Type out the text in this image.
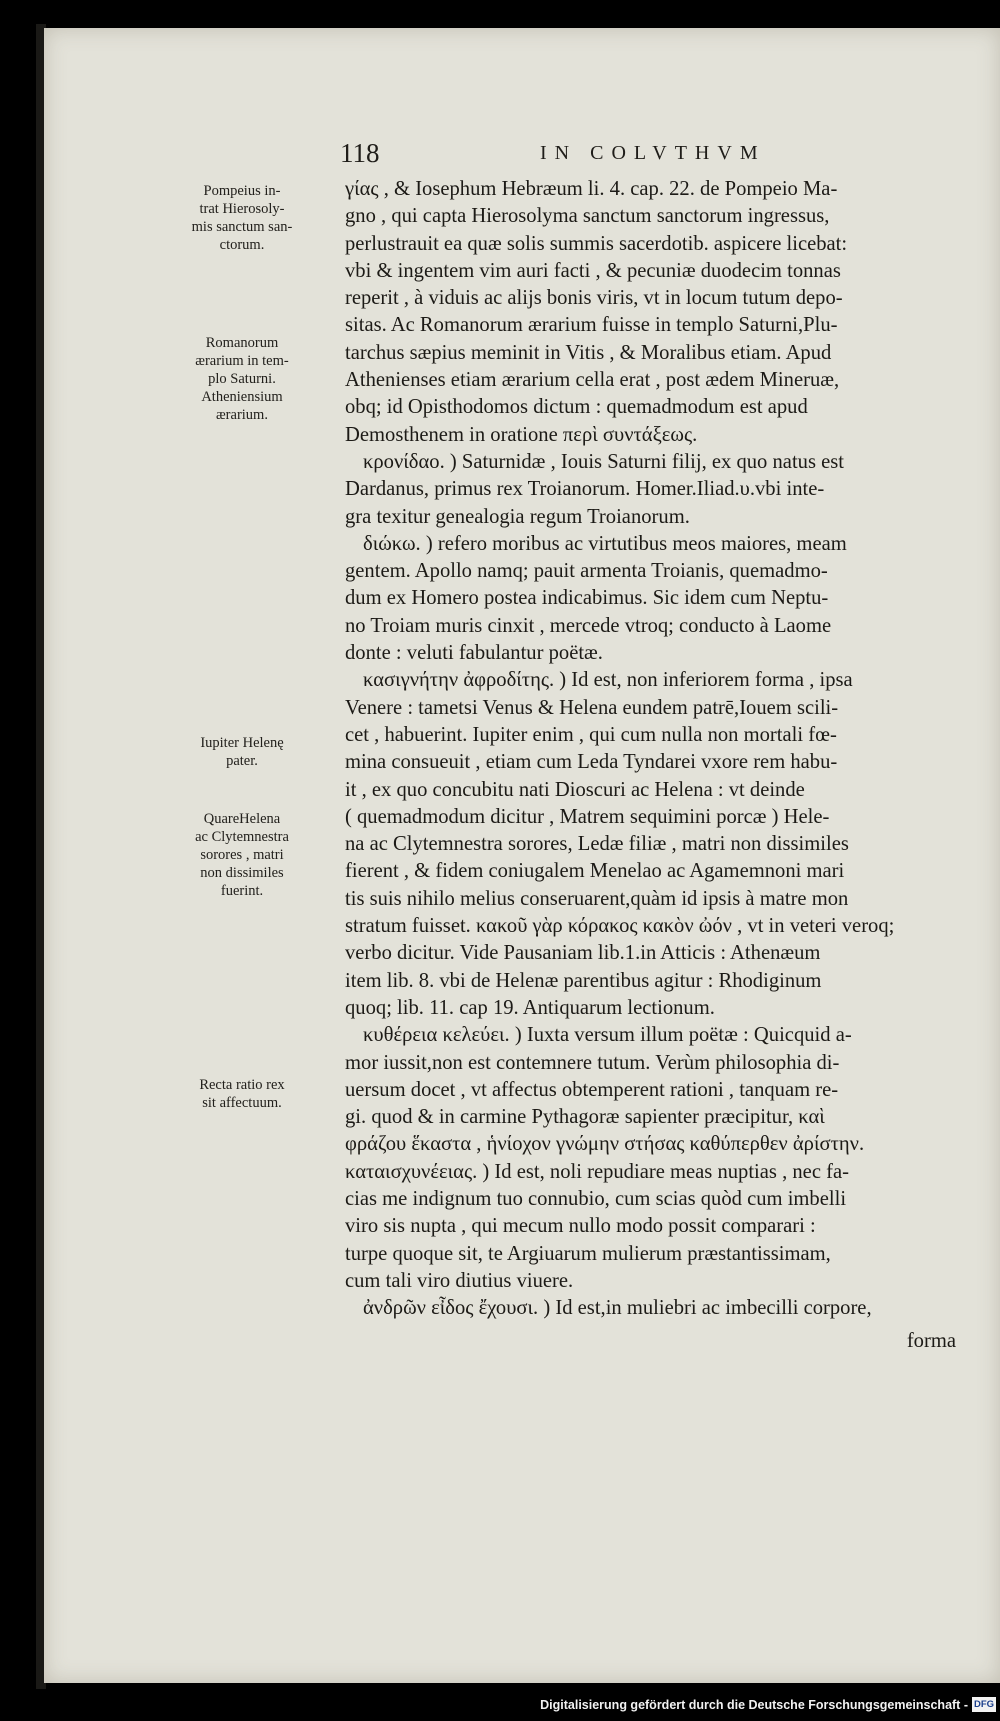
118	IN COLVTHVM
Pompeius in-
trat Hierosoly-
mis sanctum san-
ctorum.
Romanorum
ærarium in tem-
plo Saturni.
Atheniensium
ærarium.
Iupiter Helenę
pater.
QuareHelena
ac Clytemnestra
sorores , matri
non dissimiles
fuerint.
Recta ratio rex
sit affectuum.
γίας , & Iosephum Hebræum li. 4. cap. 22. de Pompeio Ma-
gno , qui capta Hierosolyma sanctum sanctorum ingressus,
perlustrauit ea quæ solis summis sacerdotib. aspicere licebat:
vbi & ingentem vim auri facti , & pecuniæ duodecim tonnas
reperit , à viduis ac alijs bonis viris, vt in locum tutum depo-
sitas. Ac Romanorum ærarium fuisse in templo Saturni,Plu-
tarchus sæpius meminit in Vitis , & Moralibus etiam. Apud
Athenienses etiam ærarium cella erat , post ædem Mineruæ,
obq; id Opisthodomos dictum : quemadmodum est apud
Demosthenem in oratione περὶ συντάξεως.
κρονίδαο. ) Saturnidæ , Iouis Saturni filij, ex quo natus est
Dardanus, primus rex Troianorum. Homer.Iliad.υ.vbi inte-
gra texitur genealogia regum Troianorum.
διώκω. ) refero moribus ac virtutibus meos maiores, meam
gentem. Apollo namq; pauit armenta Troianis, quemadmo-
dum ex Homero postea indicabimus. Sic idem cum Neptu-
no Troiam muris cinxit , mercede vtroq; conducto à Laome
donte : veluti fabulantur poëtæ.
κασιγνήτην ἀφροδίτης. ) Id est, non inferiorem forma , ipsa
Venere : tametsi Venus & Helena eundem patrē,Iouem scili-
cet , habuerint. Iupiter enim , qui cum nulla non mortali fœ-
mina consueuit , etiam cum Leda Tyndarei vxore rem habu-
it , ex quo concubitu nati Dioscuri ac Helena : vt deinde
( quemadmodum dicitur , Matrem sequimini porcæ ) Hele-
na ac Clytemnestra sorores, Ledæ filiæ , matri non dissimiles
fierent , & fidem coniugalem Menelao ac Agamemnoni mari
tis suis nihilo melius conseruarent,quàm id ipsis à matre mon
stratum fuisset. κακοῦ γὰρ κόρακος κακὸν ὠόν , vt in veteri veroq;
verbo dicitur. Vide Pausaniam lib.1.in Atticis : Athenæum
item lib. 8. vbi de Helenæ parentibus agitur : Rhodiginum
quoq; lib. 11. cap 19. Antiquarum lectionum.
κυθέρεια κελεύει. ) Iuxta versum illum poëtæ : Quicquid a-
mor iussit,non est contemnere tutum. Verùm philosophia di-
uersum docet , vt affectus obtemperent rationi , tanquam re-
gi. quod & in carmine Pythagoræ sapienter præcipitur, καὶ
φράζου ἕκαστα , ἡνίοχον γνώμην στήσας καθύπερθεν ἀρίστην.
καταισχυνέειας. ) Id est, noli repudiare meas nuptias , nec fa-
cias me indignum tuo connubio, cum scias quòd cum imbelli
viro sis nupta , qui mecum nullo modo possit comparari :
turpe quoque sit, te Argiuarum mulierum præstantissimam,
cum tali viro diutius viuere.
ἀνδρῶν εἶδος ἔχουσι. ) Id est,in muliebri ac imbecilli corpore,
forma
Digitalisierung gefördert durch die Deutsche Forschungsgemeinschaft - DFG
